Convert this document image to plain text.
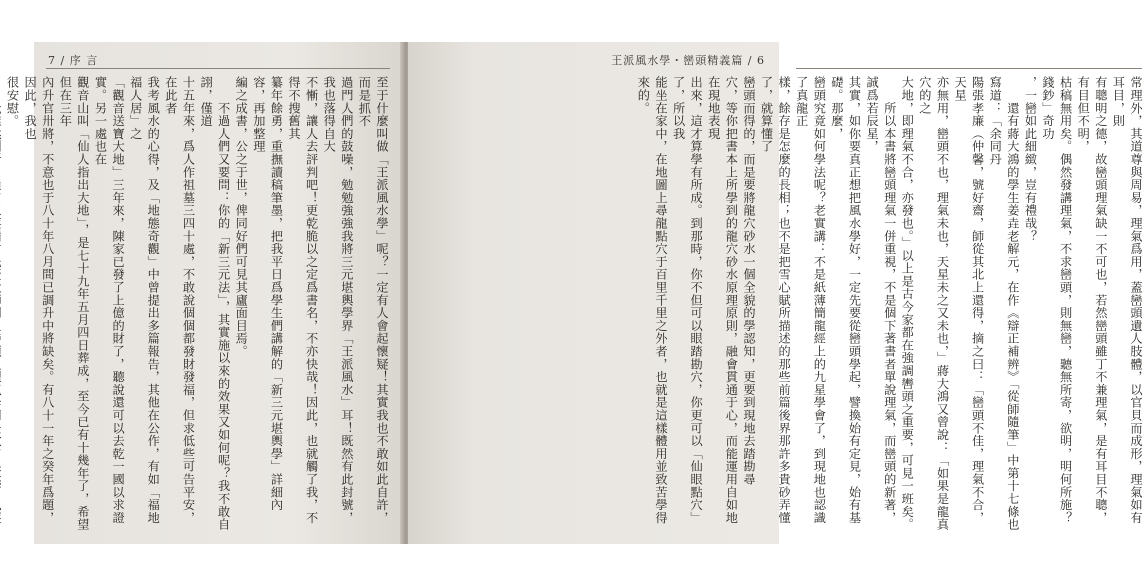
7 / 序 言
至于什麼叫做「王派風水學」呢？一定有人會起懷疑！其實我也不敢如此自許，而是抓不
過門人們的鼓噪，勉勉強強我將三元堪輿學界「王派風水」耳！既然有此封號，我也落得自大
不慚，讓人去評判吧！更乾脆以之定爲書名，不亦快哉！因此，也就觸了我，不得不搜舊其
纂年餘勇，重撫讀稿筆墨，把我平日爲學生們講解的「新三元堪輿學」詳細內容，再加整理
編之成書，公之于世，俾同好們可見其廬面目焉。
　　不過人們又要問：你的「新三元法」，其實施以來的效果又如何呢？我不敢自詡，僅道
十五年來，爲人作祖墓三四十處，不敢說個個都發財發福，但求低些可告平安，在此者
我考風水的心得，及「地態奇觀」中曾提出多篇報告，其他在公作，有如「福地福人居」之
「觀音送寶大地」三年來，陳家已發了上億的財了，聽說還可以去乾一國以求證實。另一處也在
觀音山叫「仙人指出大地」，是七十九年五月四日葬成，至今已有十幾年了，希望但在三年
內升官卅將，不意也于八十年八月間已調升中將缺矣。有八十一年之癸年爲題，因此，我也
很安慰。
王派風水學・巒頭精義篇 / 6
常理外，其道尊與周易，理氣爲用，蓋巒頭遺人肢體，以官貝而成形，理氣如有耳目，則
有聰明之德，故巒頭理氣缺一不可也，若然巒頭雖丁不兼理氣，是有耳目不聰，有目但不明，
枯稿無用矣。偶然發講理氣，不求巒頭，則無巒，聽無所寄，欲明，明何所施？錢鈔」奇功
，一巒如此細緻，豈有禮哉？
　　還有蔣大鴻的學生姜垚老解元，在作《辯正補辨》「從師隨筆」中第十七條也寫道：「余同丹
陽張孝廉（仲馨，號好齋，師從其北上還得，摘之曰：「巒頭不佳，理氣不合，天星
亦無用，巒頭不也，理氣未也，天星未之又未也，」蔣大鴻又曾說：「如果是龍真穴的之
大地，即理氣不合，亦發也。」以上是古今家都在強調轡頭之重要，可見一班矣。
　　所以本書將巒頭理氣一併重視，不是個下著書者單說理氣，而巒頭的新著，誠爲若辰星，
其實，如你要真正想把風水學好，一定先要從巒頭學起，譬換始有定見，始有基礎。那麼，
巒頭究竟如何學法呢？老實講：不是紙薄簡龍經上的九星學會了，到現地也認識了真龍正
樣，餘存是怎麼的長相；也不是把雪心賦所描述的那些前篇後界那許多貴砂弄懂了，就算懂了
巒頭而得的，而是要將龍穴砂水一個全貌的學認知，更要到現地去踏勘尋
穴，等你把書本上所學到的龍穴砂水原理原則，融會貫通于心，而能運用自如地在現地表現
出來，這才算學有所成。到那時，你不但可以眼踏勘穴，你更可以「仙眼點穴」了，所以我
能坐在家中，在地圖上尋龍點穴于百里千里之外者，也就是這樣體用並致苦學得來的。
